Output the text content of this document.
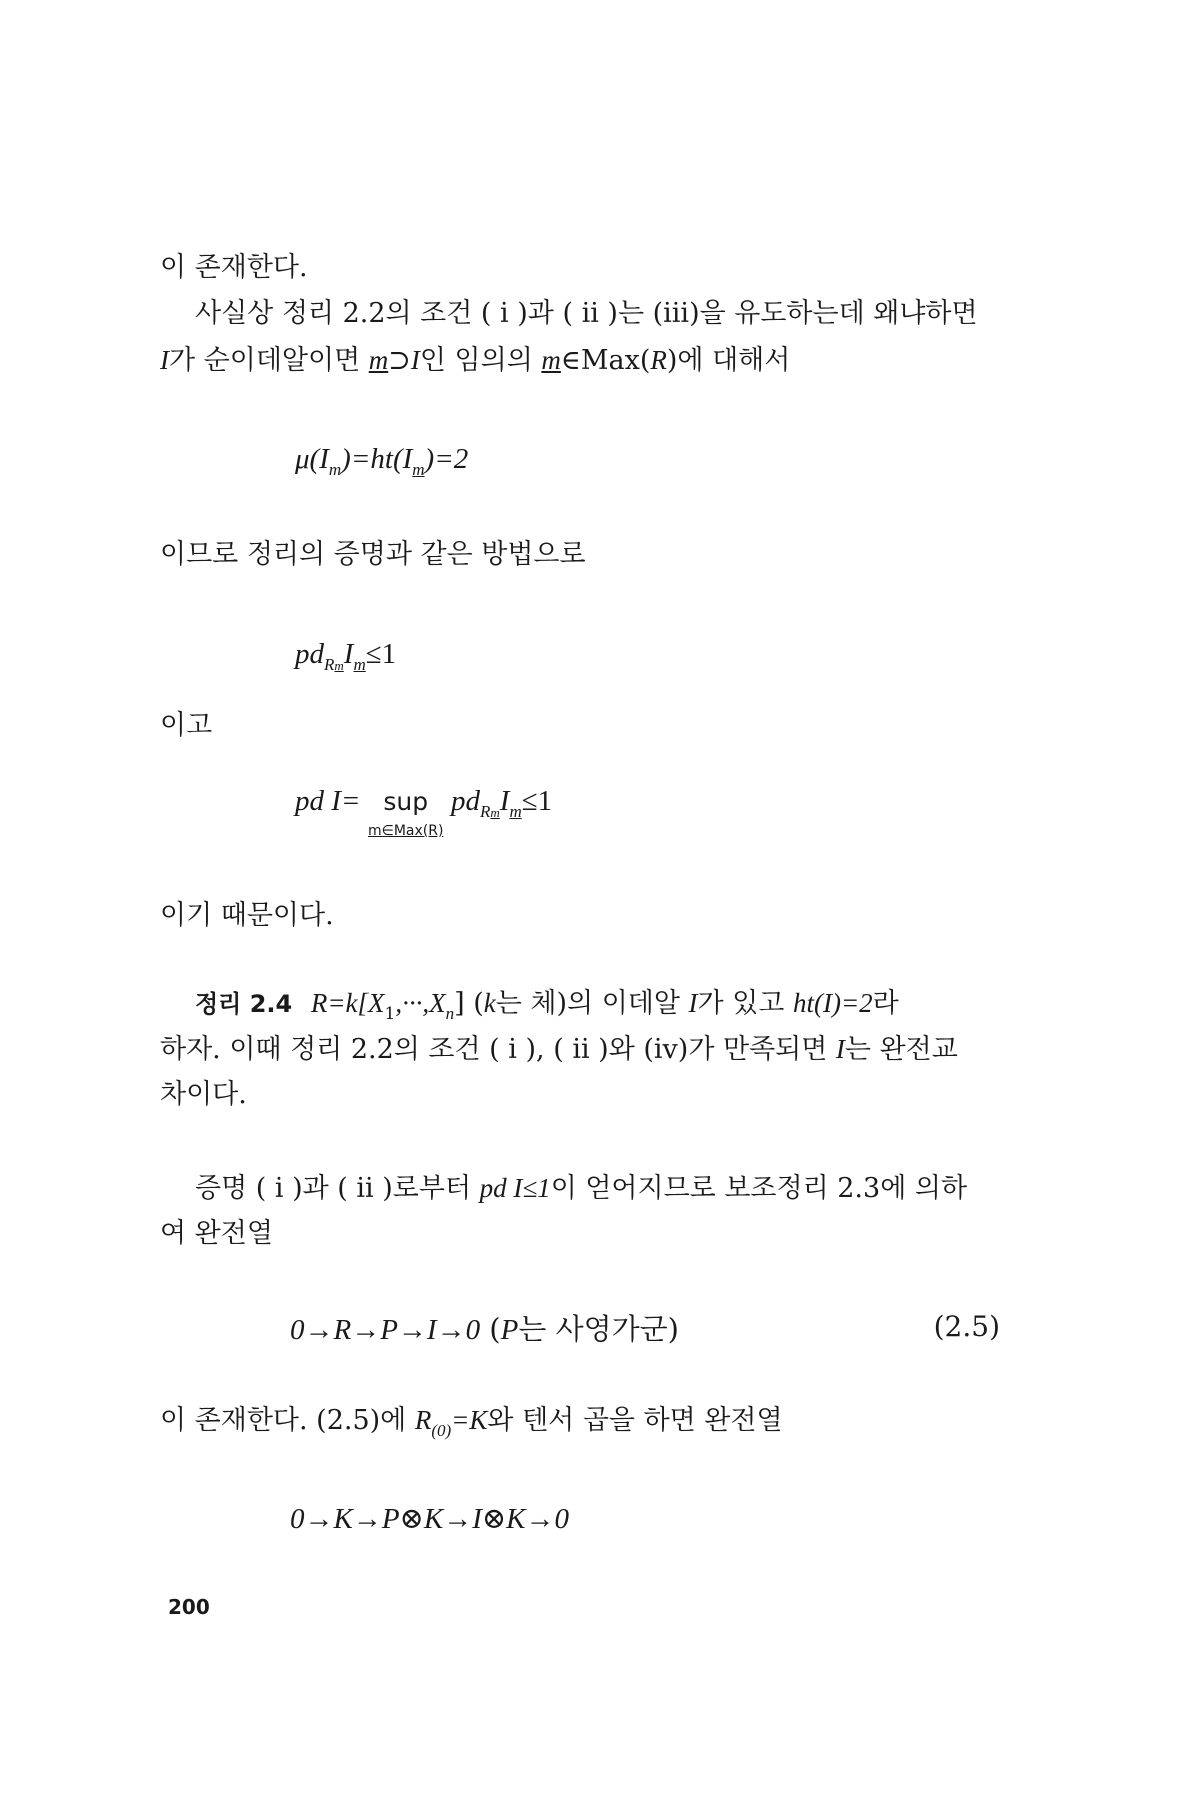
이 존재한다.
사실상 정리 2.2의 조건 ( i )과 ( ii )는 (iii)을 유도하는데 왜냐하면
I가 순이데알이면 m⊃I인 임의의 m∈Max(R)에 대해서
$\mu(I_m)=ht(I_m)=2$
이므로 정리의 증명과 같은 방법으로
$pd_{Rm}I_m\le 1$
이고
pd I= sup
m∈Max(R)
$pd_{Rm}I_m\le 1$
이기 때문이다.
정리 2.4 $R=k[X_1,\cdot\cdot\cdot,X_n]$ (k는 체)의 이데알 I가 있고 ht(I)=2라
하자. 이때 정리 2.2의 조건 ( i ), ( ii )와 (iv)가 만족되면 I는 완전교
차이다.
증명 ( i )과 ( ii )로부터 pd I≤1이 얻어지므로 보조정리 2.3에 의하
여 완전열
0→R→P→I→0 (P는 사영가군)	(2.5)
이 존재한다. (2.5)에 $R_{(0)}=K$와 텐서 곱을 하면 완전열
0→K→P⊗K→I⊗K→0
200
